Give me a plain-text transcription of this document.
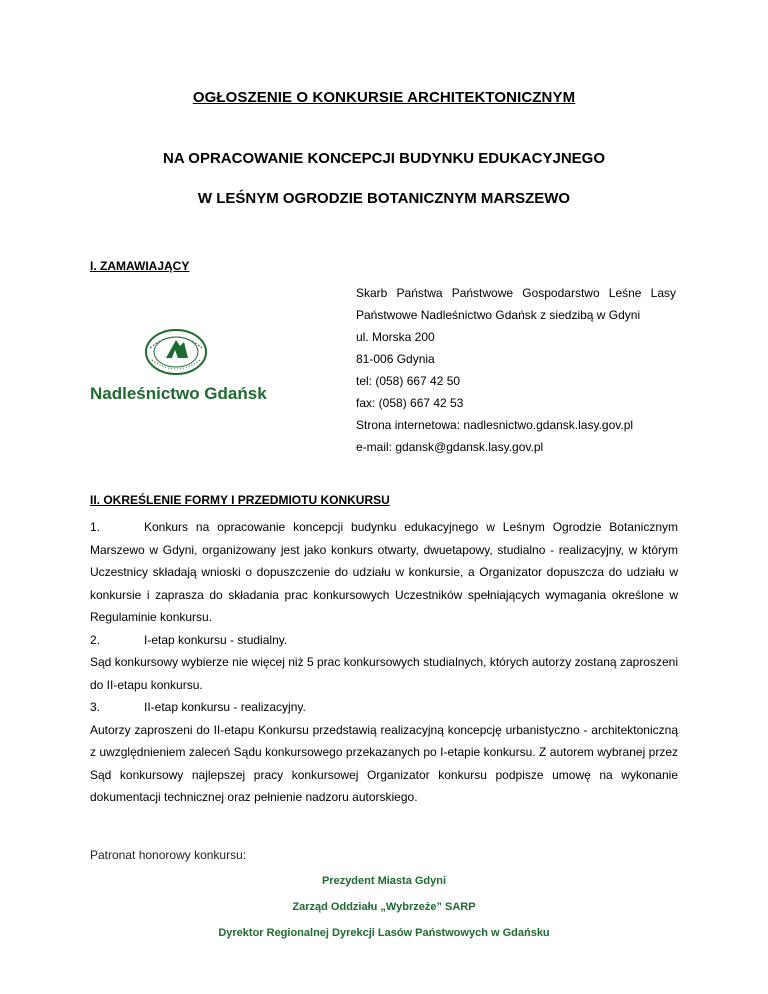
OGŁOSZENIE O KONKURSIE ARCHITEKTONICZNYM
NA OPRACOWANIE KONCEPCJI BUDYNKU EDUKACYJNEGO
W LEŚNYM OGRODZIE BOTANICZNYM MARSZEWO
I. ZAMAWIAJĄCY
Nadleśnictwo Gdańsk
Skarb Państwa Państwowe Gospodarstwo Leśne Lasy
Państwowe Nadleśnictwo Gdańsk z siedzibą w Gdyni
ul. Morska 200
81-006 Gdynia
tel: (058) 667 42 50
fax: (058) 667 42 53
Strona internetowa: nadlesnictwo.gdansk.lasy.gov.pl
e-mail: gdansk@gdansk.lasy.gov.pl
II. OKREŚLENIE FORMY I PRZEDMIOTU KONKURSU
1.	Konkurs na opracowanie koncepcji budynku edukacyjnego w Leśnym Ogrodzie Botanicznym Marszewo w Gdyni, organizowany jest jako konkurs otwarty, dwuetapowy, studialno - realizacyjny, w którym Uczestnicy składają wnioski o dopuszczenie do udziału w konkursie, a Organizator dopuszcza do udziału w konkursie i zaprasza do składania prac konkursowych Uczestników spełniających wymagania określone w Regulaminie konkursu.

2.	I-etap konkursu - studialny.

Sąd konkursowy wybierze nie więcej niż 5 prac konkursowych studialnych, których autorzy zostaną zaproszeni do II-etapu konkursu.

3.	II-etap konkursu - realizacyjny.

Autorzy zaproszeni do II-etapu Konkursu przedstawią realizacyjną koncepcję urbanistyczno - architektoniczną z uwzględnieniem zaleceń Sądu konkursowego przekazanych po I-etapie konkursu. Z autorem wybranej przez Sąd konkursowy najlepszej pracy konkursowej Organizator konkursu podpisze umowę na wykonanie dokumentacji technicznej oraz pełnienie nadzoru autorskiego.

Patronat honorowy konkursu:
Prezydent Miasta Gdyni
Zarząd Oddziału „Wybrzeże” SARP
Dyrektor Regionalnej Dyrekcji Lasów Państwowych w Gdańsku
